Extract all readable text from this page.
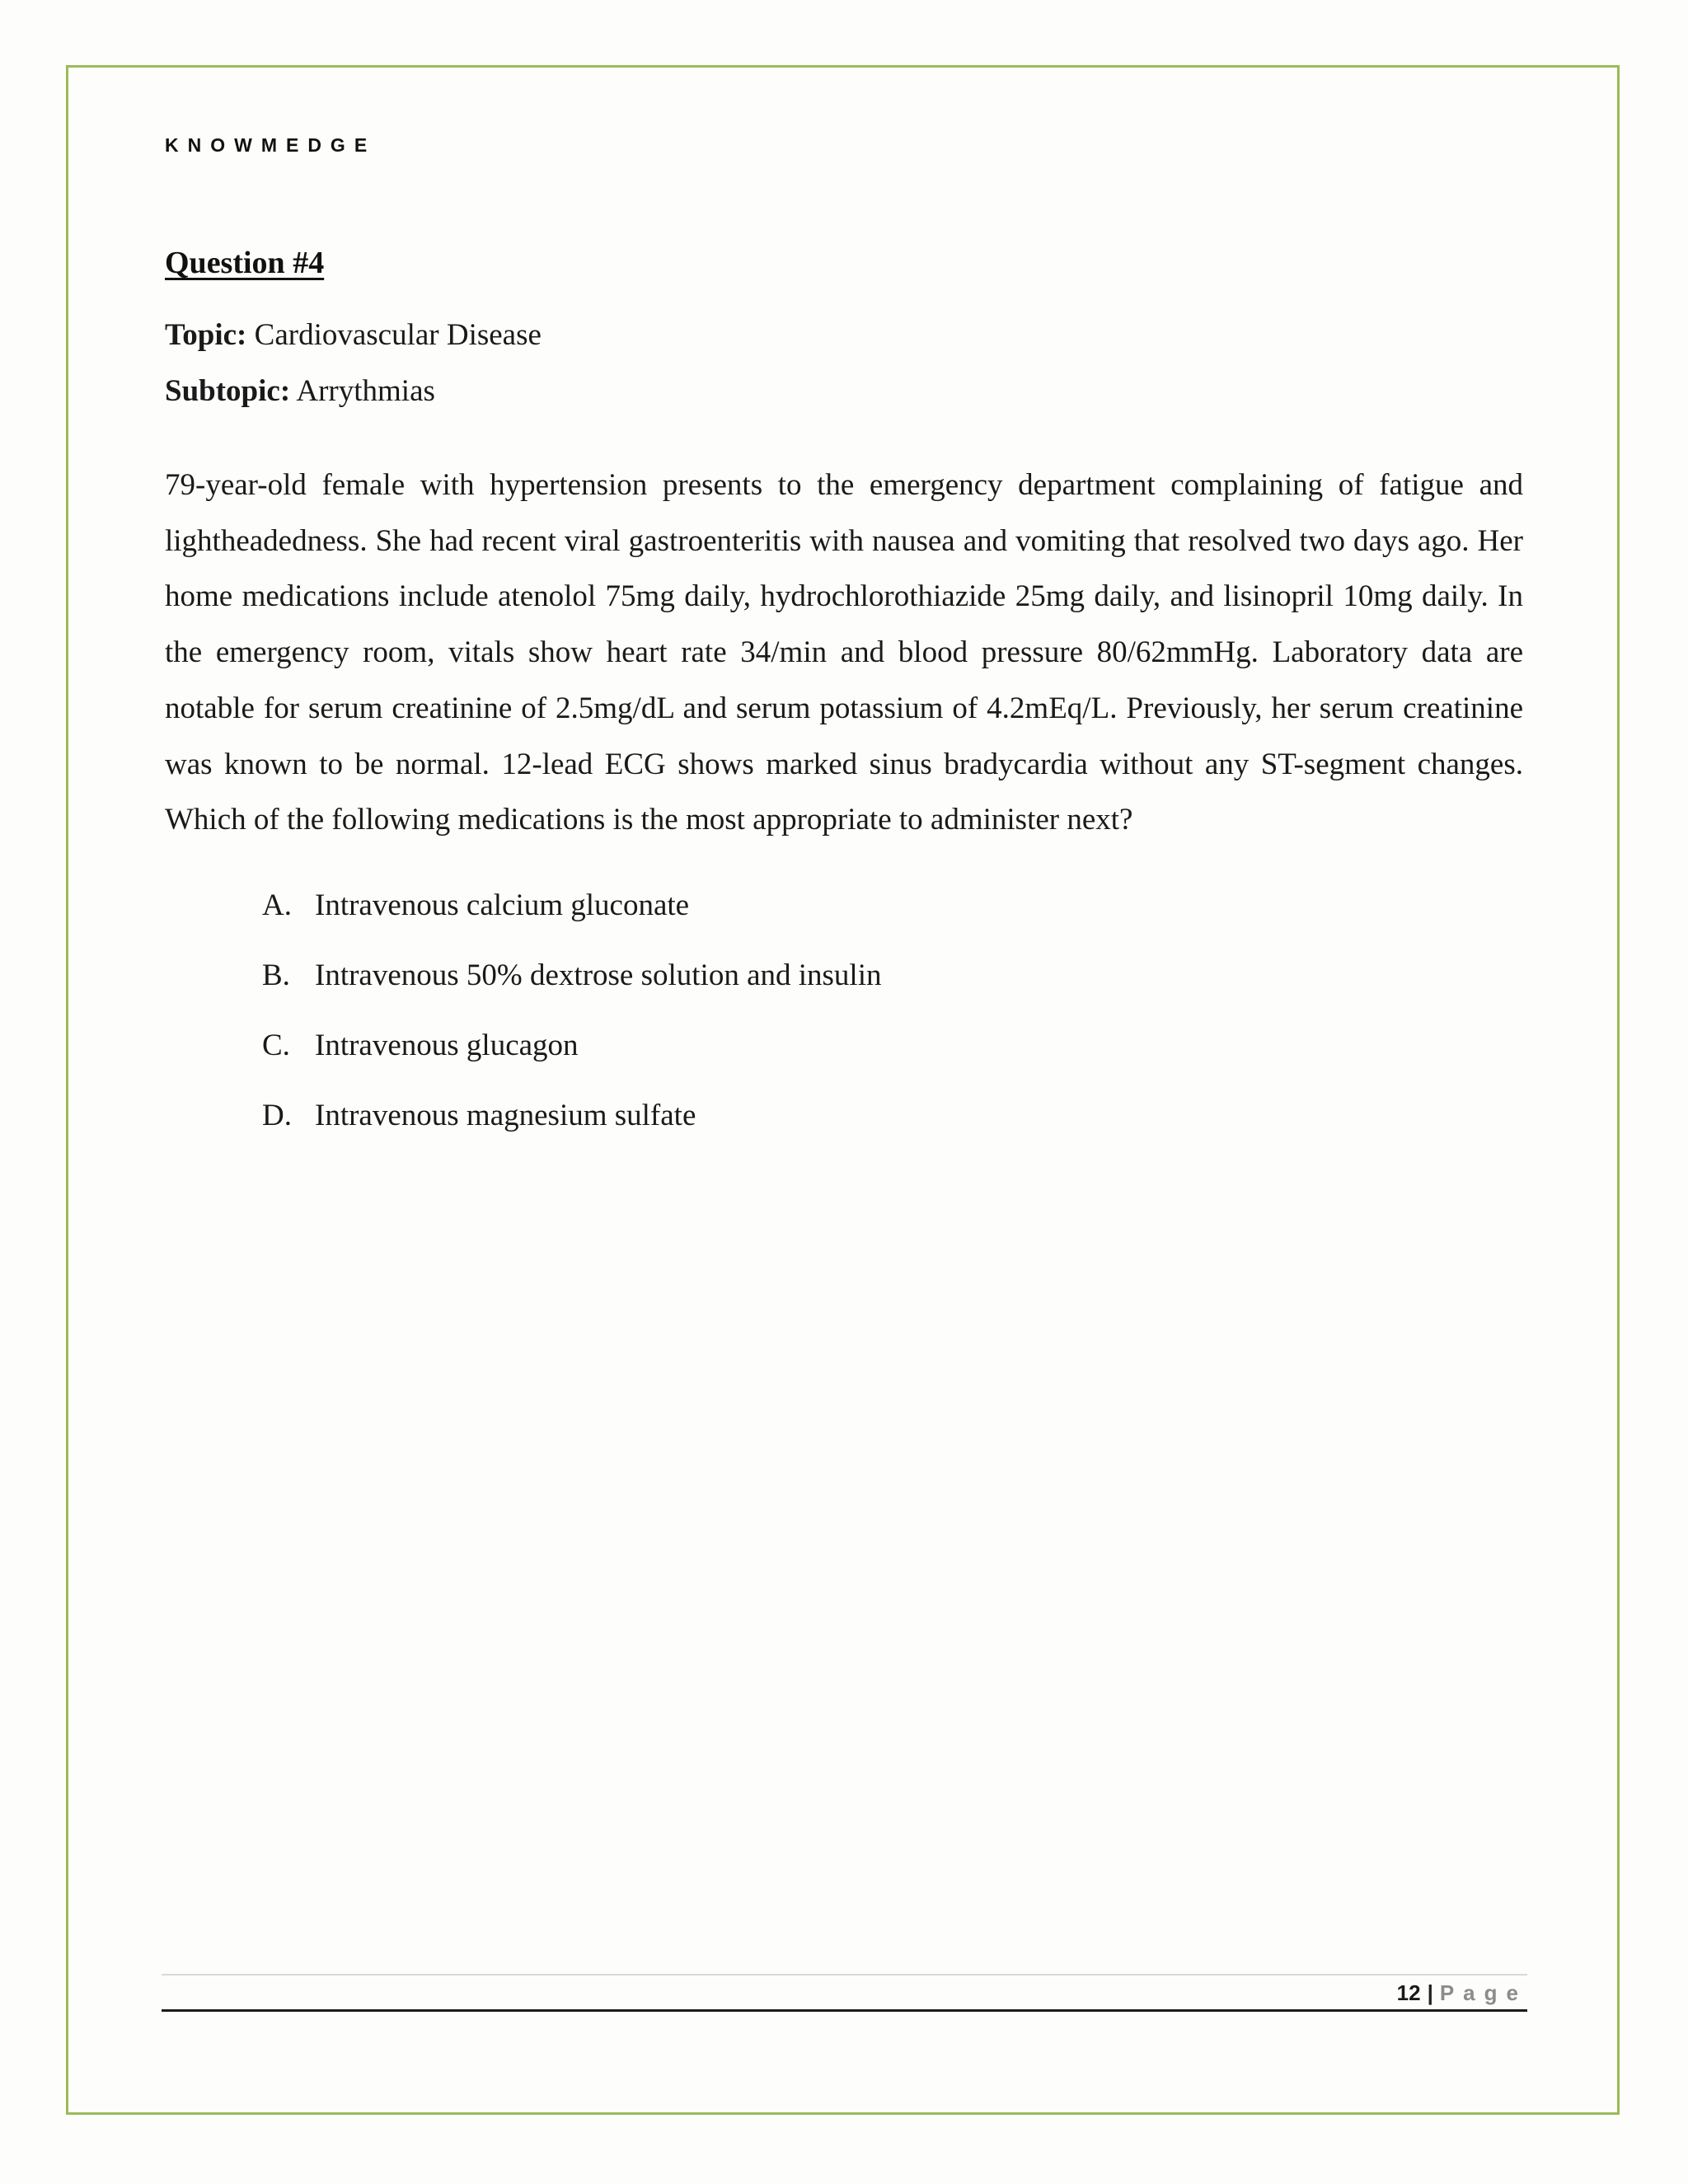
KNOWMEDGE
Question #4
Topic: Cardiovascular Disease
Subtopic: Arrythmias
79-year-old female with hypertension presents to the emergency department complaining of fatigue and lightheadedness. She had recent viral gastroenteritis with nausea and vomiting that resolved two days ago. Her home medications include atenolol 75mg daily, hydrochlorothiazide 25mg daily, and lisinopril 10mg daily. In the emergency room, vitals show heart rate 34/min and blood pressure 80/62mmHg. Laboratory data are notable for serum creatinine of 2.5mg/dL and serum potassium of 4.2mEq/L. Previously, her serum creatinine was known to be normal. 12-lead ECG shows marked sinus bradycardia without any ST-segment changes. Which of the following medications is the most appropriate to administer next?
A. Intravenous calcium gluconate
B. Intravenous 50% dextrose solution and insulin
C. Intravenous glucagon
D. Intravenous magnesium sulfate
12 | Page
